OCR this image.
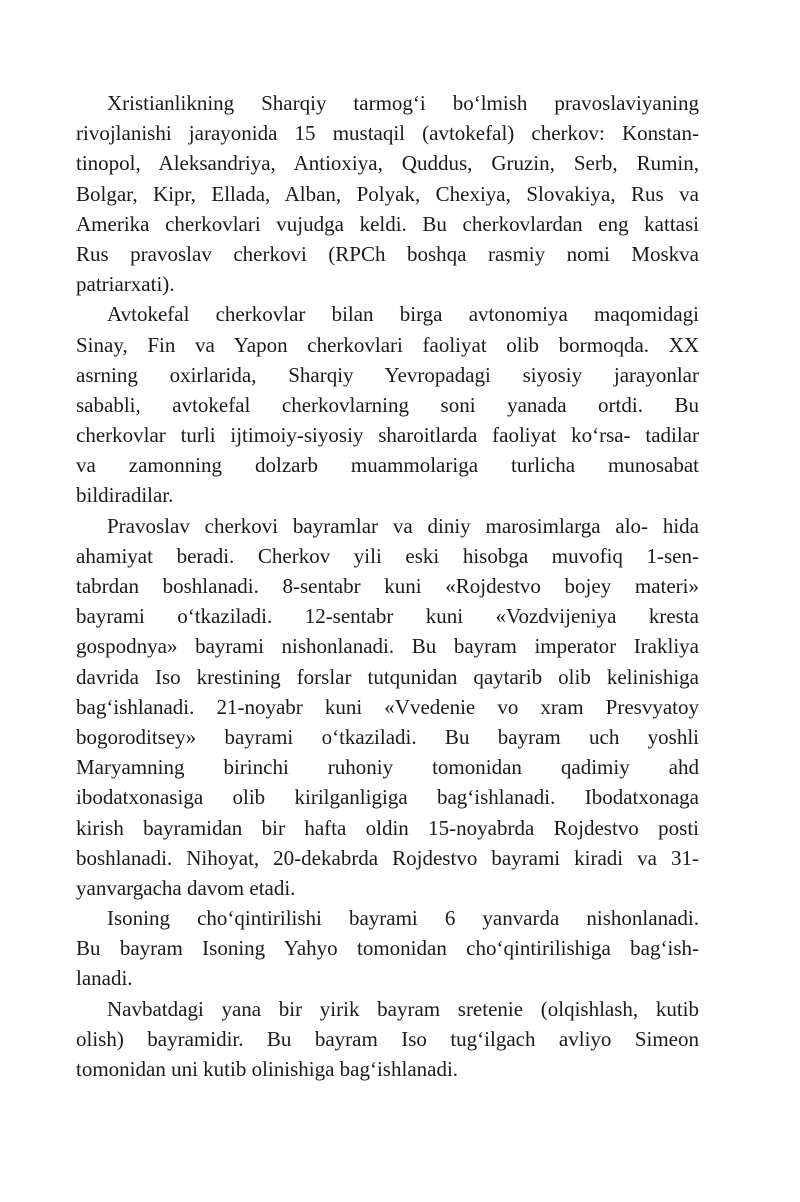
Xristianlikning Sharqiy tarmog‘i bo‘lmish pravoslaviyaning
rivojlanishi jarayonida 15 mustaqil (avtokefal) cherkov: Konstan-
tinopol, Aleksandriya, Antioxiya, Quddus, Gruzin, Serb, Rumin,
Bolgar, Kipr, Ellada, Alban, Polyak, Chexiya, Slovakiya, Rus va
Amerika cherkovlari vujudga keldi. Bu cherkovlardan eng kattasi
Rus pravoslav cherkovi (RPCh boshqa rasmiy nomi Moskva
patriarxati).
Avtokefal cherkovlar bilan birga avtonomiya maqomidagi
Sinay, Fin va Yapon cherkovlari faoliyat olib bormoqda. XX
asrning oxirlarida, Sharqiy Yevropadagi siyosiy jarayonlar
sababli, avtokefal cherkovlarning soni yanada ortdi. Bu
cherkovlar turli ijtimoiy-siyosiy sharoitlarda faoliyat ko‘rsa- tadilar
va zamonning dolzarb muammolariga turlicha munosabat
bildiradilar.
Pravoslav cherkovi bayramlar va diniy marosimlarga alo- hida
ahamiyat beradi. Cherkov yili eski hisobga muvofiq 1-sen-
tabrdan boshlanadi. 8-sentabr kuni «Rojdestvo bojey materi»
bayrami o‘tkaziladi. 12-sentabr kuni «Vozdvijeniya kresta
gospodnya» bayrami nishonlanadi. Bu bayram imperator Irakliya
davrida Iso krestining forslar tutqunidan qaytarib olib kelinishiga
bag‘ishlanadi. 21-noyabr kuni «Vvedenie vo xram Presvyatoy
bogoroditsey» bayrami o‘tkaziladi. Bu bayram uch yoshli
Maryamning birinchi ruhoniy tomonidan qadimiy ahd
ibodatxonasiga olib kirilganligiga bag‘ishlanadi. Ibodatxonaga
kirish bayramidan bir hafta oldin 15-noyabrda Rojdestvo posti
boshlanadi. Nihoyat, 20-dekabrda Rojdestvo bayrami kiradi va 31-
yanvargacha davom etadi.
Isoning cho‘qintirilishi bayrami 6 yanvarda nishonlanadi.
Bu bayram Isoning Yahyo tomonidan cho‘qintirilishiga bag‘ish-
lanadi.
Navbatdagi yana bir yirik bayram sretenie (olqishlash, kutib
olish) bayramidir. Bu bayram Iso tug‘ilgach avliyo Simeon
tomonidan uni kutib olinishiga bag‘ishlanadi.
